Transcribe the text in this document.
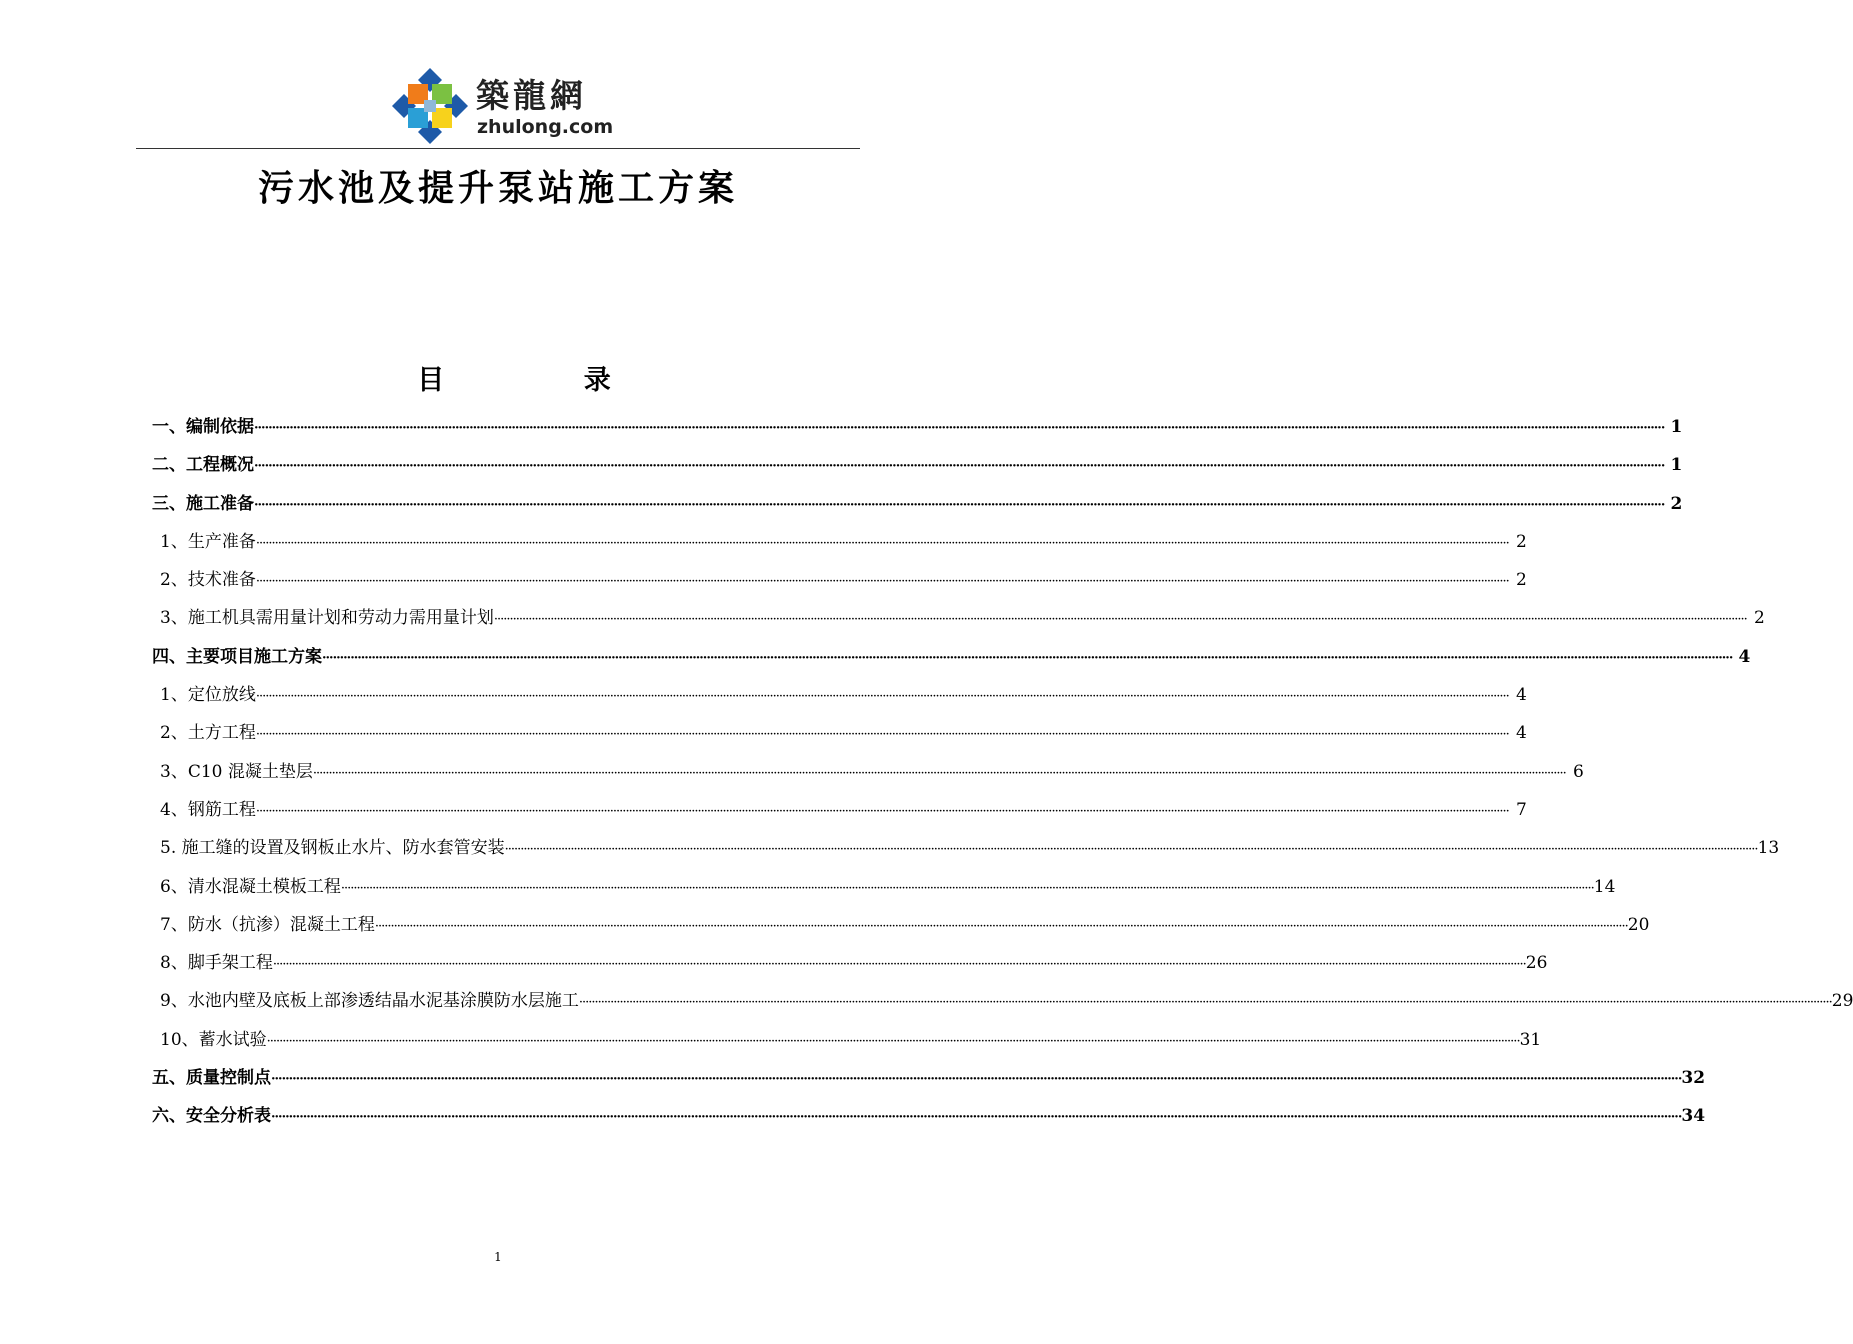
築龍網
zhulong.com
污水池及提升泵站施工方案
目 录
一、编制依据 ················································································································································································································································································································································································································ 1
二、工程概况 ················································································································································································································································································································································································································ 1
三、施工准备 ················································································································································································································································································································································································································ 2
1、生产准备 ················································································································································································································································································································································································································ 2
2、技术准备 ················································································································································································································································································································································································································ 2
3、施工机具需用量计划和劳动力需用量计划 ················································································································································································································································································································································································································ 2
四、主要项目施工方案 ················································································································································································································································································································································································································ 4
1、定位放线 ················································································································································································································································································································································································································ 4
2、土方工程 ················································································································································································································································································································································································································ 4
3、C10 混凝土垫层 ················································································································································································································································································································································································································ 6
4、钢筋工程 ················································································································································································································································································································································································································ 7
5. 施工缝的设置及钢板止水片、防水套管安装 ················································································································································································································································································································································································································ 13
6、清水混凝土模板工程 ················································································································································································································································································································································································································ 14
7、防水（抗渗）混凝土工程 ················································································································································································································································································································································································································ 20
8、脚手架工程 ················································································································································································································································································································································································································ 26
9、水池内壁及底板上部渗透结晶水泥基涂膜防水层施工 ················································································································································································································································································································································································································ 29
10、蓄水试验 ················································································································································································································································································································································································································ 31
五、质量控制点 ················································································································································································································································································································································································································ 32
六、安全分析表 ················································································································································································································································································································································································································ 34
1
